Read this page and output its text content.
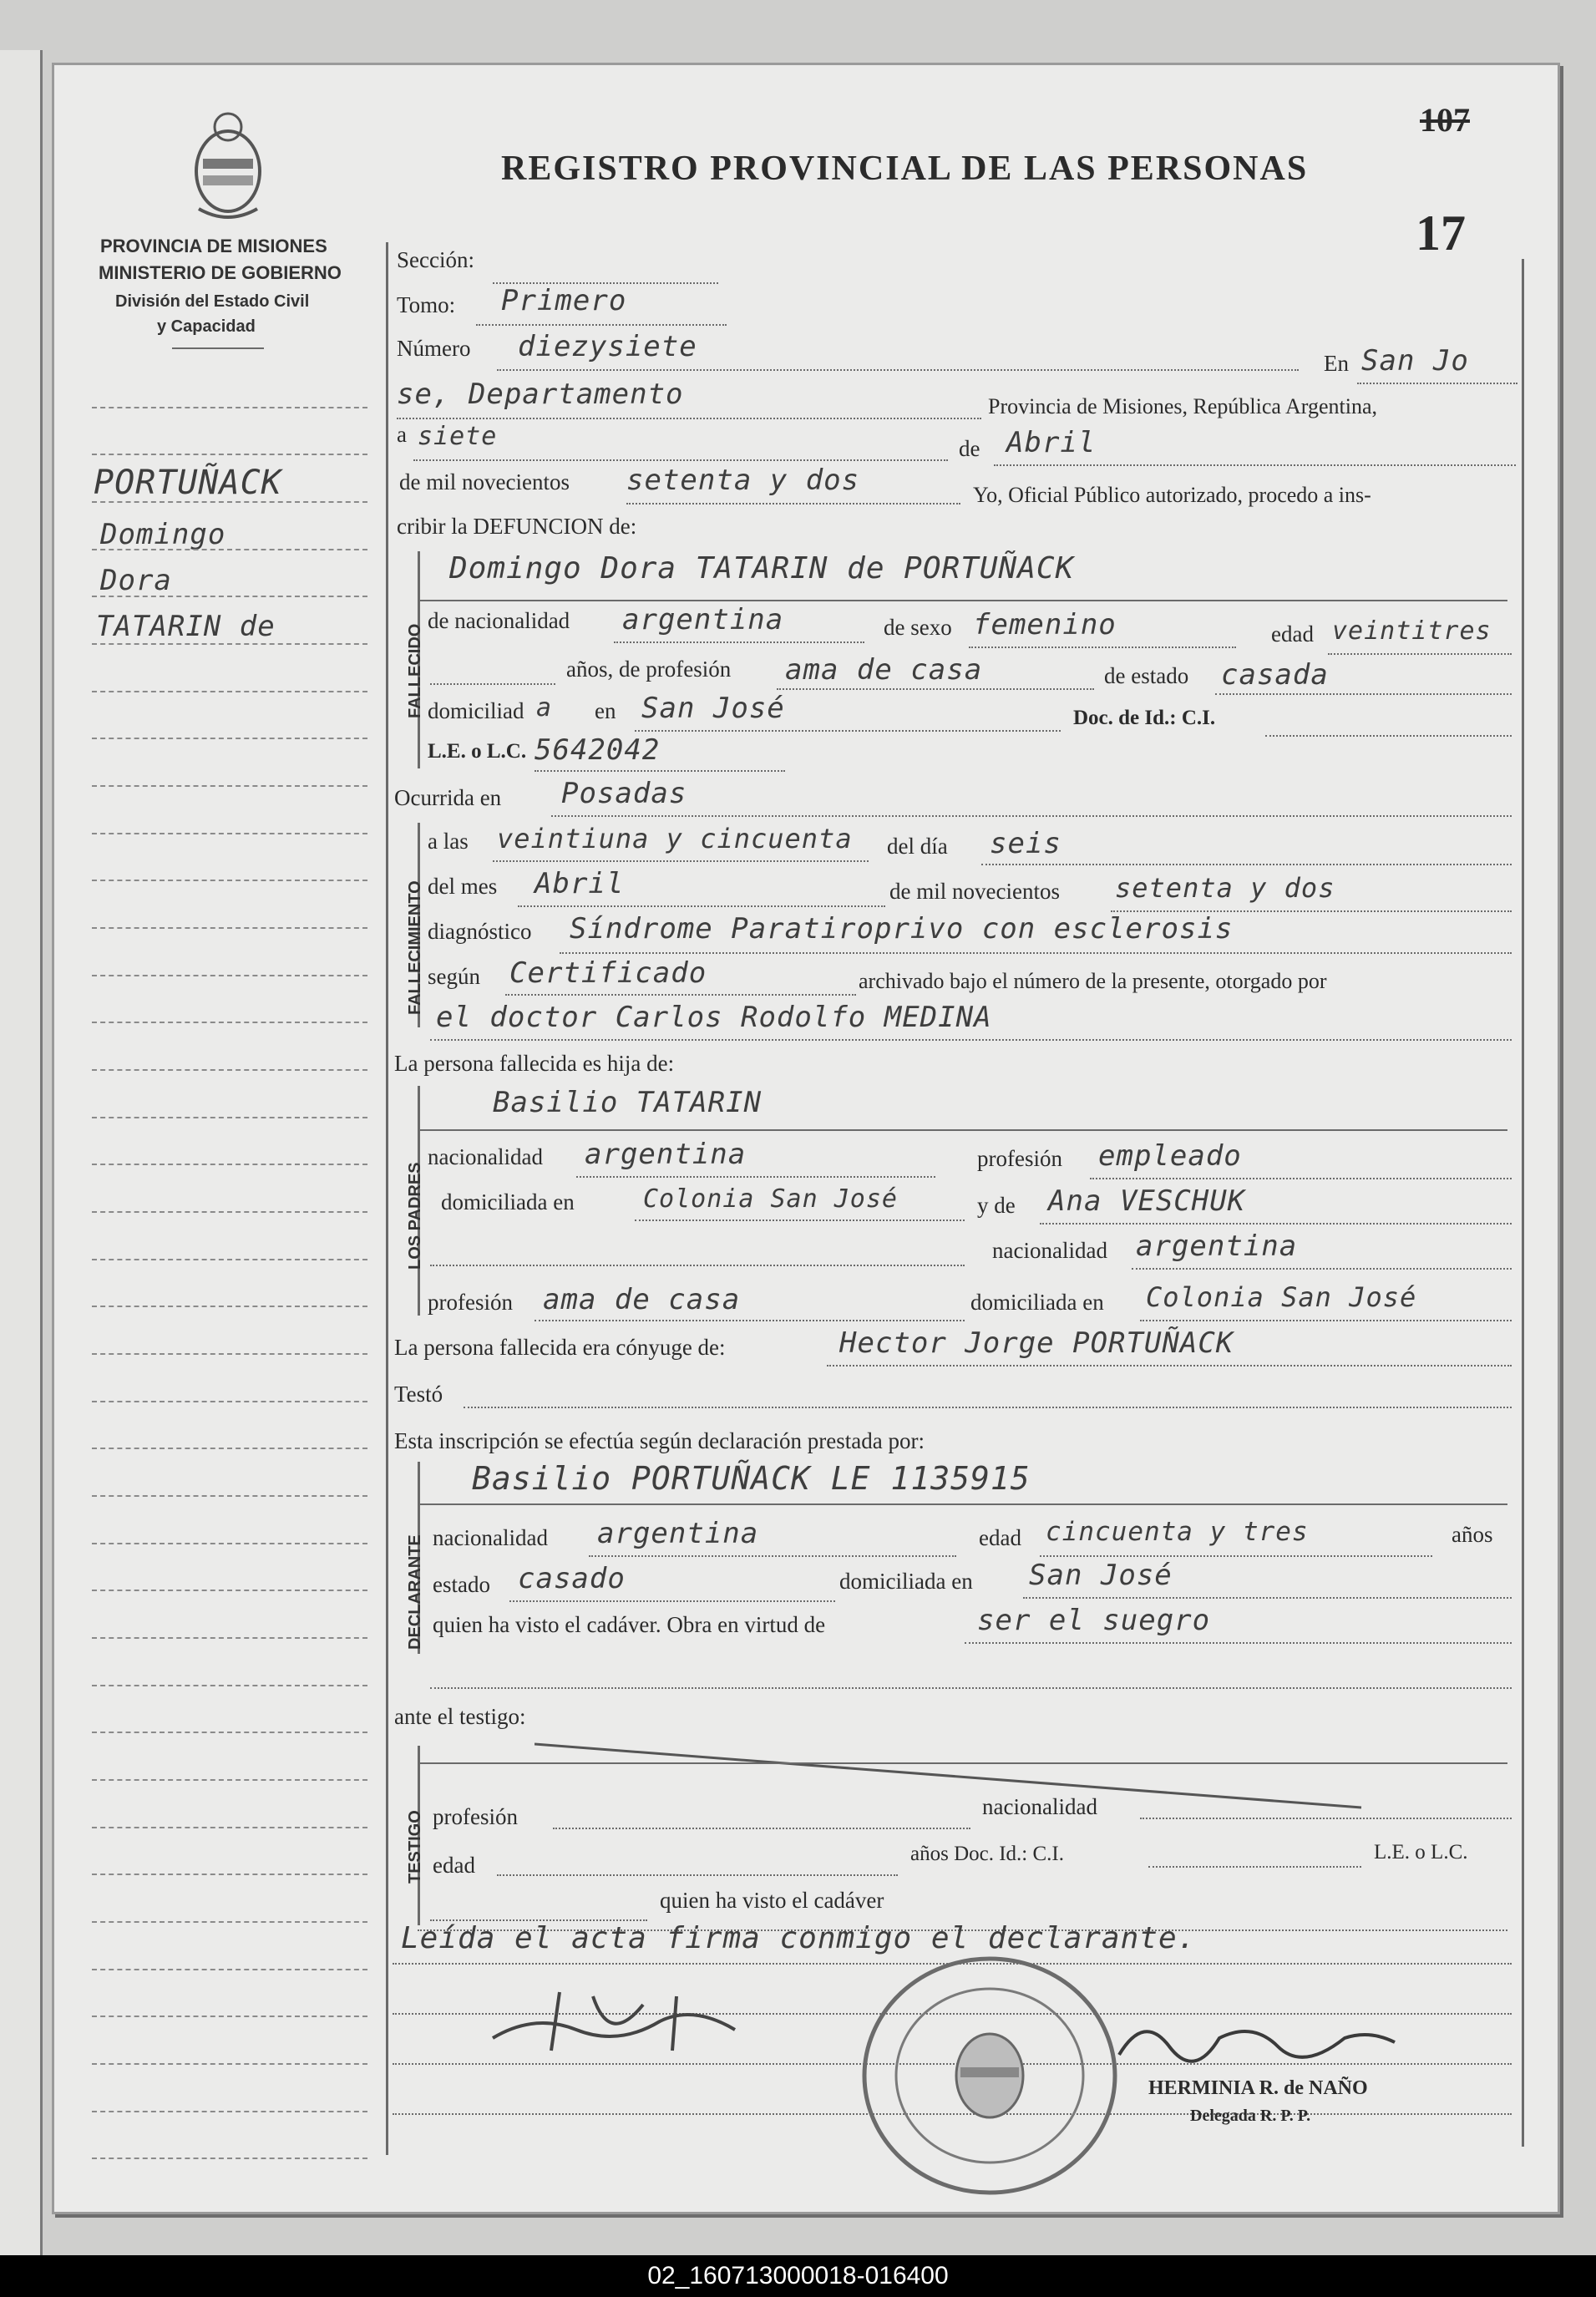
PROVINCIA DE MISIONES
MINISTERIO DE GOBIERNO
División del Estado Civil
y Capacidad
REGISTRO PROVINCIAL DE LAS PERSONAS
17
107
PORTUÑACK
Domingo
Dora
TATARIN de
Sección:
Tomo: Primero
Número diezysiete	En San Jo
se, Departamento	Provincia de Misiones, República Argentina,
a siete	de Abril
de mil novecientos setenta y dos	Yo, Oficial Público autorizado, procedo a ins-
cribir la DEFUNCION de:
FALLECIDO
Domingo Dora TATARIN de PORTUÑACK
de nacionalidad argentina	de sexo femenino	edad veintitres
años, de profesión ama de casa	de estado casada
domiciliad a en San José	Doc. de Id.: C.I.
L.E. o L.C. 5642042
Ocurrida en Posadas
FALLECIMIENTO
a las veintiuna y cincuenta del día seis
del mes Abril	de mil novecientos setenta y dos
diagnóstico Síndrome Paratiroprivo con esclerosis
según Certificado	archivado bajo el número de la presente, otorgado por
el doctor Carlos Rodolfo MEDINA
La persona fallecida es hija de:
LOS PADRES
Basilio TATARIN
nacionalidad argentina	profesión empleado
domiciliada en	Colonia San José	y de Ana VESCHUK
nacionalidad argentina
profesión ama de casa	domiciliada en Colonia San José
La persona fallecida era cónyuge de:	Hector Jorge PORTUÑACK
Testó
Esta inscripción se efectúa según declaración prestada por:
DECLARANTE
Basilio PORTUÑACK LE 1135915
nacionalidad argentina	edad cincuenta y tres	años
estado casado	domiciliada en San José
quien ha visto el cadáver. Obra en virtud de	ser el suegro
ante el testigo:
TESTIGO profesión	nacionalidad
edad	años Doc. Id.: C.I.	L.E. o L.C.
quien ha visto el cadáver
Leída el acta firma conmigo el declarante.
HERMINIA R. de NAÑO
Delegada R. P. P.
02_160713000018-016400
